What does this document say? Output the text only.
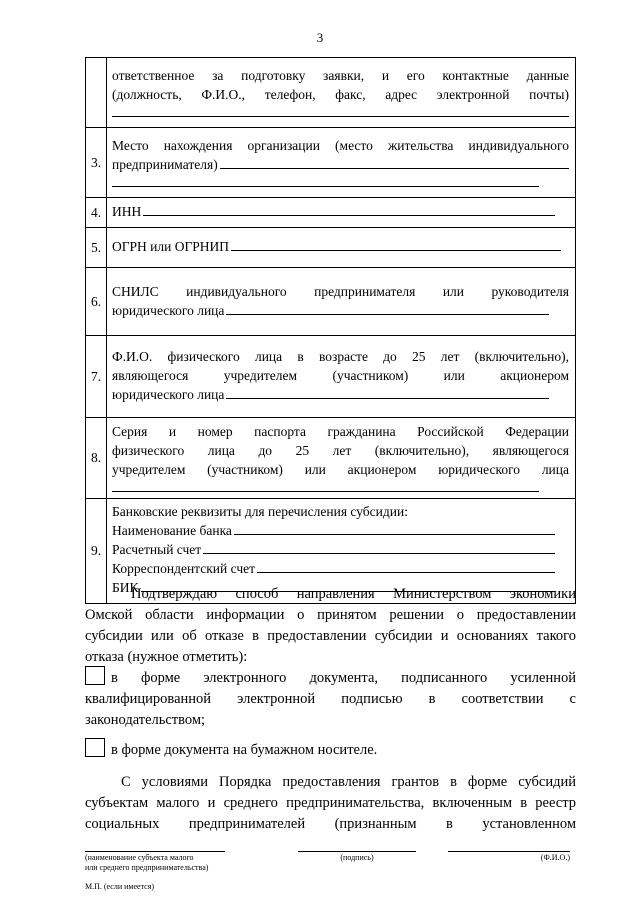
3

	ответственное за подготовку заявки, и его контактные данные
(должность, Ф.И.О., телефон, факс, адрес электронной почты)

3.	Место нахождения организации (место жительства индивидуального
предпринимателя)

4.	ИНН

5.	ОГРН или ОГРНИП

6.	СНИЛС индивидуального предпринимателя или руководителя
юридического лица

7.	Ф.И.О. физического лица в возрасте до 25 лет (включительно),
являющегося учредителем (участником) или акционером
юридического лица

8.	Серия и номер паспорта гражданина Российской Федерации
физического лица до 25 лет (включительно), являющегося
учредителем (участником) или акционером юридического лица

9.	Банковские реквизиты для перечисления субсидии:
Наименование банка
Расчетный счет
Корреспондентский счет
БИК
Подтверждаю способ направления Министерством экономики
Омской области информации о принятом решении о предоставлении
субсидии или об отказе в предоставлении субсидии и основаниях такого
отказа (нужное отметить):
в форме электронного документа, подписанного усиленной
квалифицированной электронной подписью в соответствии с
законодательством;
в форме документа на бумажном носителе.
С условиями Порядка предоставления грантов в форме субсидий
субъектам малого и среднего предпринимательства, включенным в реестр
социальных предпринимателей (признанным в установленном
(наименование субъекта малого
или среднего предпринимательства)
(подпись)	(Ф.И.О.)
М.П. (если имеется)
